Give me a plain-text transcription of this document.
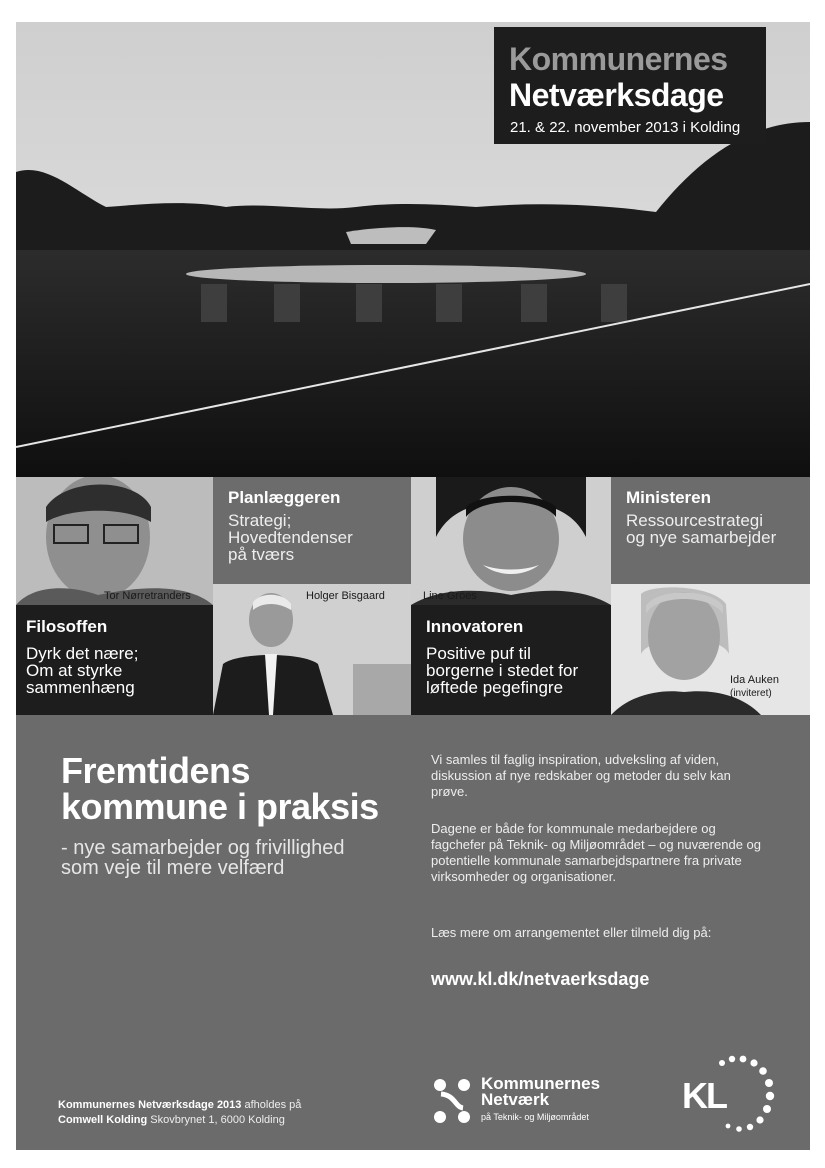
Kommunernes
Netværksdage
21. & 22. november 2013 i Kolding
Tor Nørretranders
Filosoffen
Dyrk det nære;
Om at styrke
sammenhæng
Planlæggeren
Strategi;
Hovedtendenser
på tværs
Holger Bisgaard	Line Gróes
Innovatoren
Positive puf til
borgerne i stedet for
løftede pegefingre
Ministeren
Ressourcestrategi
og nye samarbejder
Ida Auken
(inviteret)
Fremtidens
kommune i praksis
- nye samarbejder og frivillighed som veje til mere velfærd
Vi samles til faglig inspiration, udveksling af viden, diskussion af nye redskaber og metoder du selv kan prøve.
Dagene er både for kommunale medarbejdere og fagchefer på Teknik- og Miljøområdet – og nuværende og potentielle kommunale samarbejdspartnere fra private virksomheder og organisationer.
Læs mere om arrangementet eller tilmeld dig på:
www.kl.dk/netvaerksdage
Kommunernes Netværksdage 2013 afholdes på
Comwell Kolding Skovbrynet 1, 6000 Kolding
Kommunernes
Netværk
på Teknik- og Miljøområdet
KL
